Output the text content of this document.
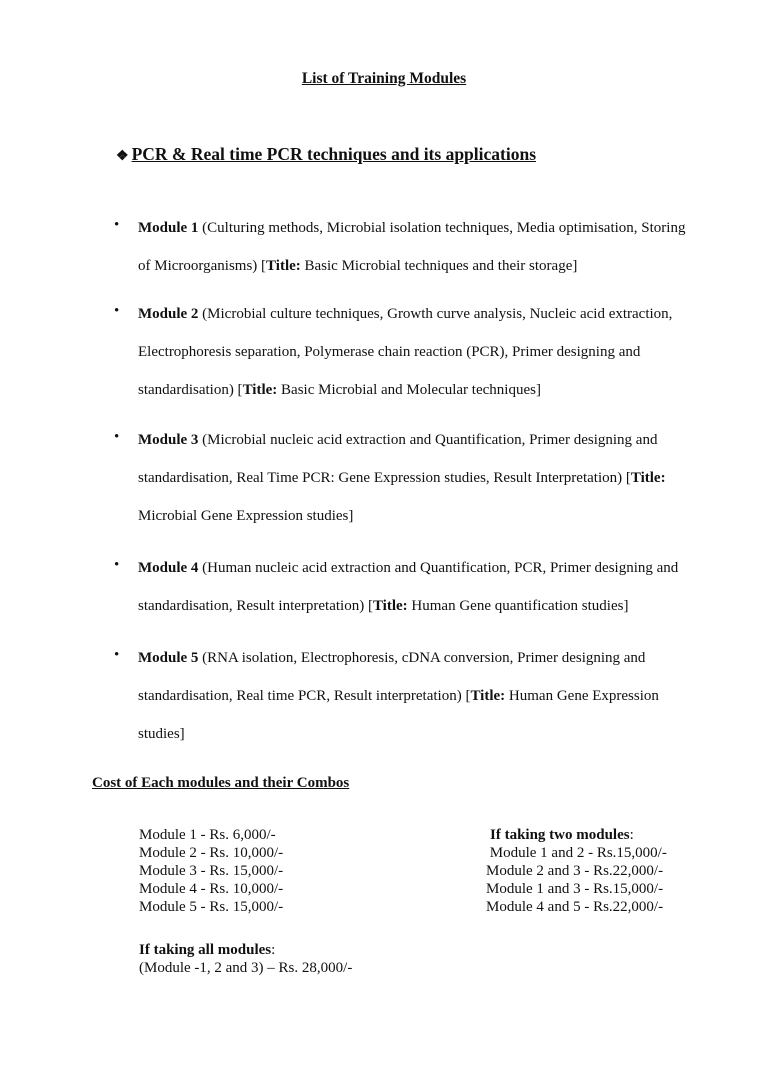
List of Training Modules
❖ PCR & Real time PCR techniques and its applications
• Module 1 (Culturing methods, Microbial isolation techniques, Media optimisation, Storing of Microorganisms) [Title: Basic Microbial techniques and their storage]
• Module 2 (Microbial culture techniques, Growth curve analysis, Nucleic acid extraction, Electrophoresis separation, Polymerase chain reaction (PCR), Primer designing and standardisation) [Title: Basic Microbial and Molecular techniques]
• Module 3 (Microbial nucleic acid extraction and Quantification, Primer designing and standardisation, Real Time PCR: Gene Expression studies, Result Interpretation) [Title: Microbial Gene Expression studies]
• Module 4 (Human nucleic acid extraction and Quantification, PCR, Primer designing and standardisation, Result interpretation) [Title: Human Gene quantification studies]
• Module 5 (RNA isolation, Electrophoresis, cDNA conversion, Primer designing and standardisation, Real time PCR, Result interpretation) [Title: Human Gene Expression studies]
Cost of Each modules and their Combos
Module 1 - Rs. 6,000/-
Module 2 - Rs. 10,000/-
Module 3 - Rs. 15,000/-
Module 4 - Rs. 10,000/-
Module 5 - Rs. 15,000/-
If taking two modules:
Module 1 and 2 - Rs.15,000/-
Module 2 and 3 - Rs.22,000/-
Module 1 and 3 - Rs.15,000/-
Module 4 and 5 - Rs.22,000/-
If taking all modules:
(Module -1, 2 and 3) – Rs. 28,000/-
